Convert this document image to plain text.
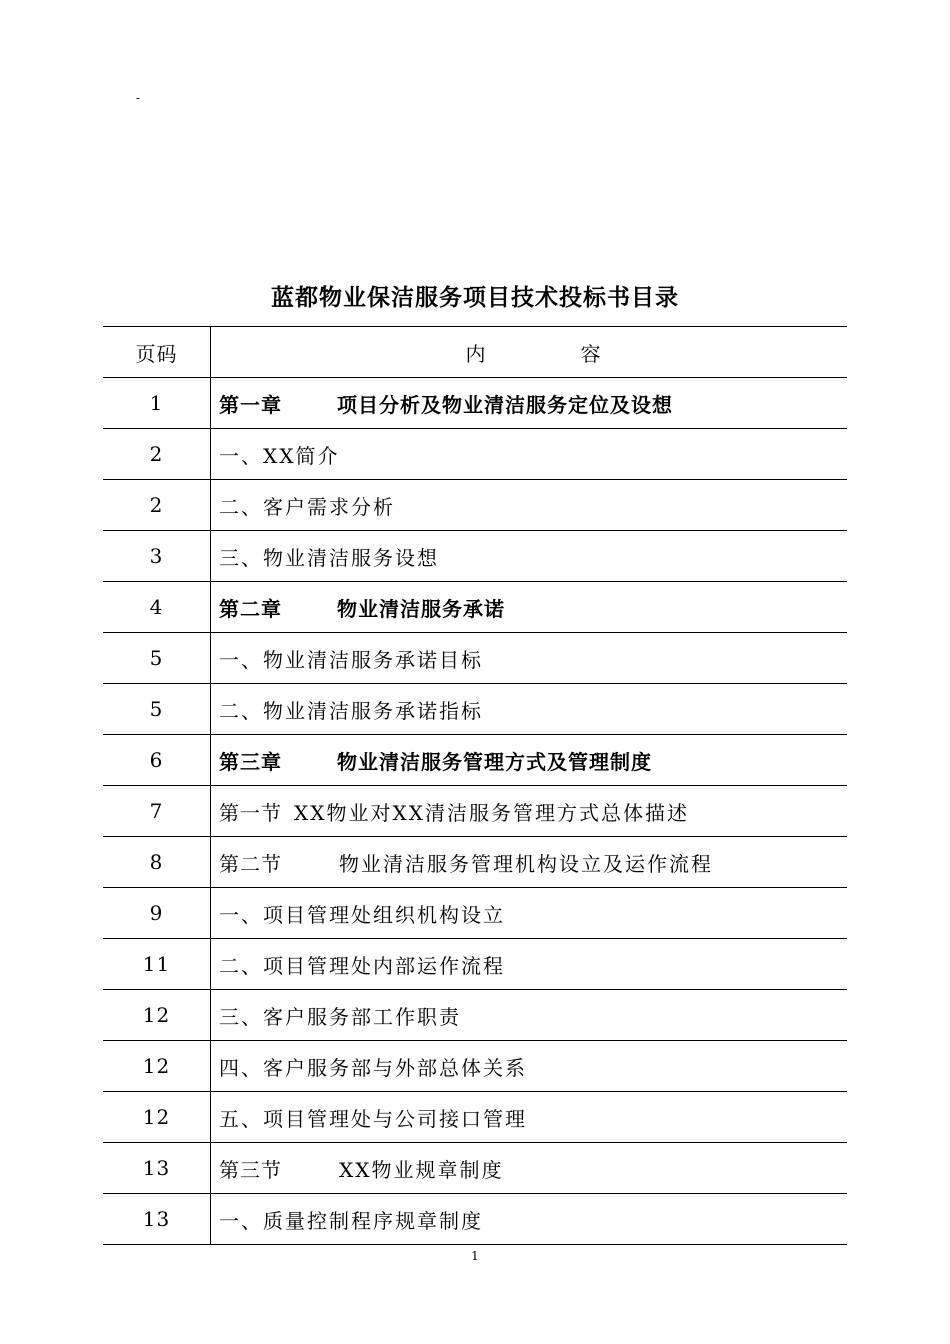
-
蓝都物业保洁服务项目技术投标书目录
页码	内 容
1	第一章 项目分析及物业清洁服务定位及设想
2	一、XX简介
2	二、客户需求分析
3	三、物业清洁服务设想
4	第二章 物业清洁服务承诺
5	一、物业清洁服务承诺目标
5	二、物业清洁服务承诺指标
6	第三章 物业清洁服务管理方式及管理制度
7	第一节 XX物业对XX清洁服务管理方式总体描述
8	第二节 物业清洁服务管理机构设立及运作流程
9	一、项目管理处组织机构设立
11	二、项目管理处内部运作流程
12	三、客户服务部工作职责
12	四、客户服务部与外部总体关系
12	五、项目管理处与公司接口管理
13	第三节 XX物业规章制度
13	一、质量控制程序规章制度
1
